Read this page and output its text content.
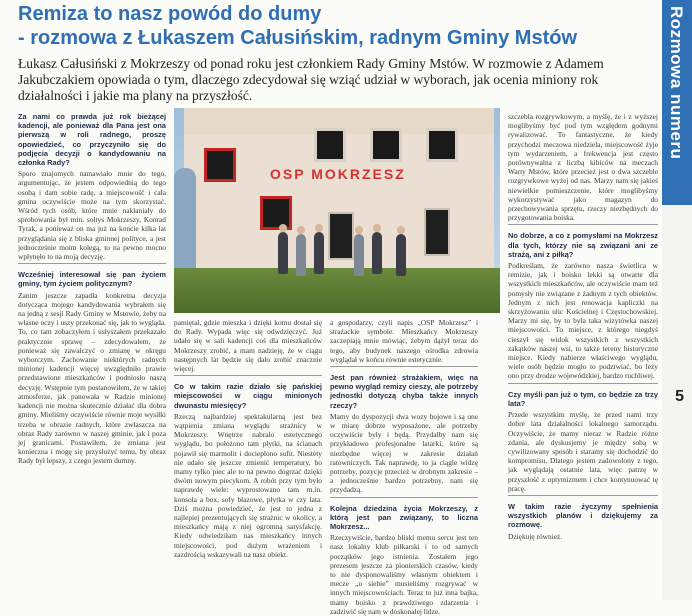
Remiza to nasz powód do dumy
- rozmowa z Łukaszem Całusińskim, radnym Gminy Mstów
Łukasz Całusiński z Mokrzeszy od ponad roku jest członkiem Rady Gminy Mstów. W rozmowie z Adamem Jakubczakiem opowiada o tym, dlaczego zdecydował się wziąć udział w wyborach, jak ocenia miniony rok działalności i jakie ma plany na przyszłość.	Rozmowa numeru
5
Za nami co prawda już rok bieżącej kadencji, ale ponieważ dla Pana jest ona pierwszą w roli radnego, proszę opowiedzieć, co przyczyniło się do podjęcia decyzji o kandydowaniu na członka Rady?

Sporo znajomych namawiało mnie do tego, argumentując, że jestem odpowiednią do tego osobą i dam sobie radę, a miejscowość i cała gmina oczywiście może na tym skorzystać. Wśród tych osób, które mnie nakłaniały do sprobowania był min. sołtys Mokrzeszy, Konrad Tyrak, a ponieważ on ma już na koncie kilka lat przyglądania się z bliska gminnej polityce, a jest jednocześnie moim kolegą, to na pewno mocno wpłynęło to na moją decyzję.

Wcześniej interesował się pan życiem gminy, tym życiem politycznym?

Zanim jeszcze zapadła konkretna decyzja dotycząca mojego kandydowania wybrałem się na jedną z sesji Rady Gminy w Mstowie, żeby na własne oczy i uszy przekonać się, jak to wygląda. To, co tam zobaczyłem i usłyszałem przekazało praktycznie sprawę – zdecydowałem, że ponieważ się zawalczyć o zmianę w okręgu wyborczym. Zachowanie niektórych radnych minionej kadencji więcej uwzględniło prawie przedstawione mieszkańców i podniosło naszą decyzję. Wstępnie tym postanowiłem, że w takiej atmosferze, jak panowała w Radzie minionej kadencji nie można skutecznie działać dla dobra gminy. Mieliśmy oczywiście równie moje wysiłki trzeba w obrazie radnych, które zwłaszcza na obraz Rady zarówno w naszej gminie, jak i poza jej granicami. Postawiłem, że zmiana jest konieczna i mogę się przysłużyć temu, by obraz Rady był lepszy, z czego jestem dumny.

OSP MOKRZESZ

pamiętał, gdzie mieszka i dzięki komu dostał się do Rady. Wypada więc się odwdzięczyć. Już udało się w sali kadencji coś dla mieszkańców Mokrzeszy zrobić, a mam nadzieję, że w ciągu następnych lat będzie się dało zrobić znacznie więcej.

Co w takim razie działo się pańskiej miejscowości w ciągu minionych dwunastu miesięcy?

Rzeczą najbardziej spektakularną jest bez wątpienia zmiana wyglądu strażnicy w Mokrzeszy. Wnętrze nabrało estetycznego wyglądu, bo położono tam płytki, na ścianach pojawił się marmolit i docieplono sufit. Niestety nie udało się jeszcze zmienić temperatury, bo mamy tylko piec ale to na pewno dogrzać dzięki dwóm nowym piecykom. A robót przy tym było naprawdę wiele: wyprostowano tam m.in. konsola a box, sofy błazowe, płytka w czy lata. Dziś można powiedzieć, że jest to jedna z najlepiej prezentujących się strażnic w okolicy, a mieszkańcy mają z niej ogromną satysfakcję. Kiedy odwiedziłam nas mieszkańcy innych miejscowości, pod dużym wrażeniem i zazdrością wskazywali na nasz obiekt.

a gospodarzy, czyli napis „OSP Mokrzesz” i strażackie symbole. Mieszkańcy Mokrzeszy zaczepiają mnie mówiąc, żebym dążył teraz do tego, aby budynek naszego ośrodka zdrowia wyglądał w końcu równie estetycznie.

Jest pan również strażakiem, więc na pewno wygląd remizy cieszy, ale potrzeby jednostki dotyczą chyba także innych rzeczy?

Mamy do dyspozycji dwa wozy bojowe i są one w miarę dobrze wyposażone, ale potrzeby oczywiście były i będą. Przydałby nam się przykładowo profesjonalne latarki, które są niezbędne więcej w zakresie działań ratowniczych. Tak naprawdę, to ja ciągle widzę potrzeby, pozycje przecież w drobnym zakresie – a jednocześnie bardzo potrzebny, nam się przydadzą.

Kolejna dziedzina życia Mokrzeszy, z którą jest pan związany, to liczna Mokrzesz...

Rzeczywiście, bardzo bliski memu sercu jest ten nasz lokalny klub piłkarski i to od samych początków jego istnienia. Zostałem jego prezesem jeszcze za pionierskich czasów, kiedy to nie dysponowaliśmy własnym obiektem i mecze „u siebie” musieliśmy rozgrywać w innych miejscowościach. Teraz to już inna bajka, mamy boisko z prawdziwego zdarzenia i zadziwić się nam w doskonałej lidze.

szczebla rozgrywkowym, a myślę, że i z wyższej moglibyśmy być pod tym względem godnymi rywalizować. To fantastyczne, że kiedy przychodzi meczowa niedziela, miejscowość żyje tym wydarzeniem, a frekwencja jest często porównywalna z liczbą kibiców na meczach Warty Mstów, które przecież jest o dwa szczeble rozgrywkowe wyżej od nas. Marzy nam się jakieś niewielkie pomieszczenie, które moglibyśmy wykorzystywać jako magazyn do przechowywania sprzętu, rzeczy niezbędnych do przygotowania boiska.

No dobrze, a co z pomysłami na Mokrzesz dla tych, którzy nie są związani ani ze strażą, ani z piłką?

Podkreślam, że zarówno nasza świetlica w remizie, jak i boisko lekki są otwarte dla wszystkich mieszkańców, ale oczywiście mam też pomysły nie związane z żadnym z tych obiektów. Jednym z nich jest renowacja kapliczki na skrzyżowaniu ulic Kościelnej i Częstochowskiej. Marzy mi się, by to była taka wizytówka naszej miejscowości. To miejsce, z którego niegdyś cieszył się widok wszystkich z wszystkich zakątków naszej wsi, to także tereny historyczne miejsce. Kiedy nabierze właściwego wyglądu, wiele osób będzie mogło to podziwiać, bo leży ono przy drodze wojewódzkiej, bardzo ruchliwej.

Czy myśli pan już o tym, co będzie za trzy lata?

Przede wszystkim myślę, że przed nami trzy dobre lata działalności lokalnego samorządu. Oczywiście, że mamy nieraz w Radzie różne zdania, ale dyskusjemy je między sobą w cywilizowany sposób i staramy się dochodzić do kompromisu. Dlatego jestem zadowolony z tego, jak wyglądają ostatnie lata, więc patrzę w przyszłość z optymizmem i chce kontynuować tę pracę.

W takim razie życzymy spełnienia wszystkich planów i dziękujemy za rozmowę.

Dziękuję również.
